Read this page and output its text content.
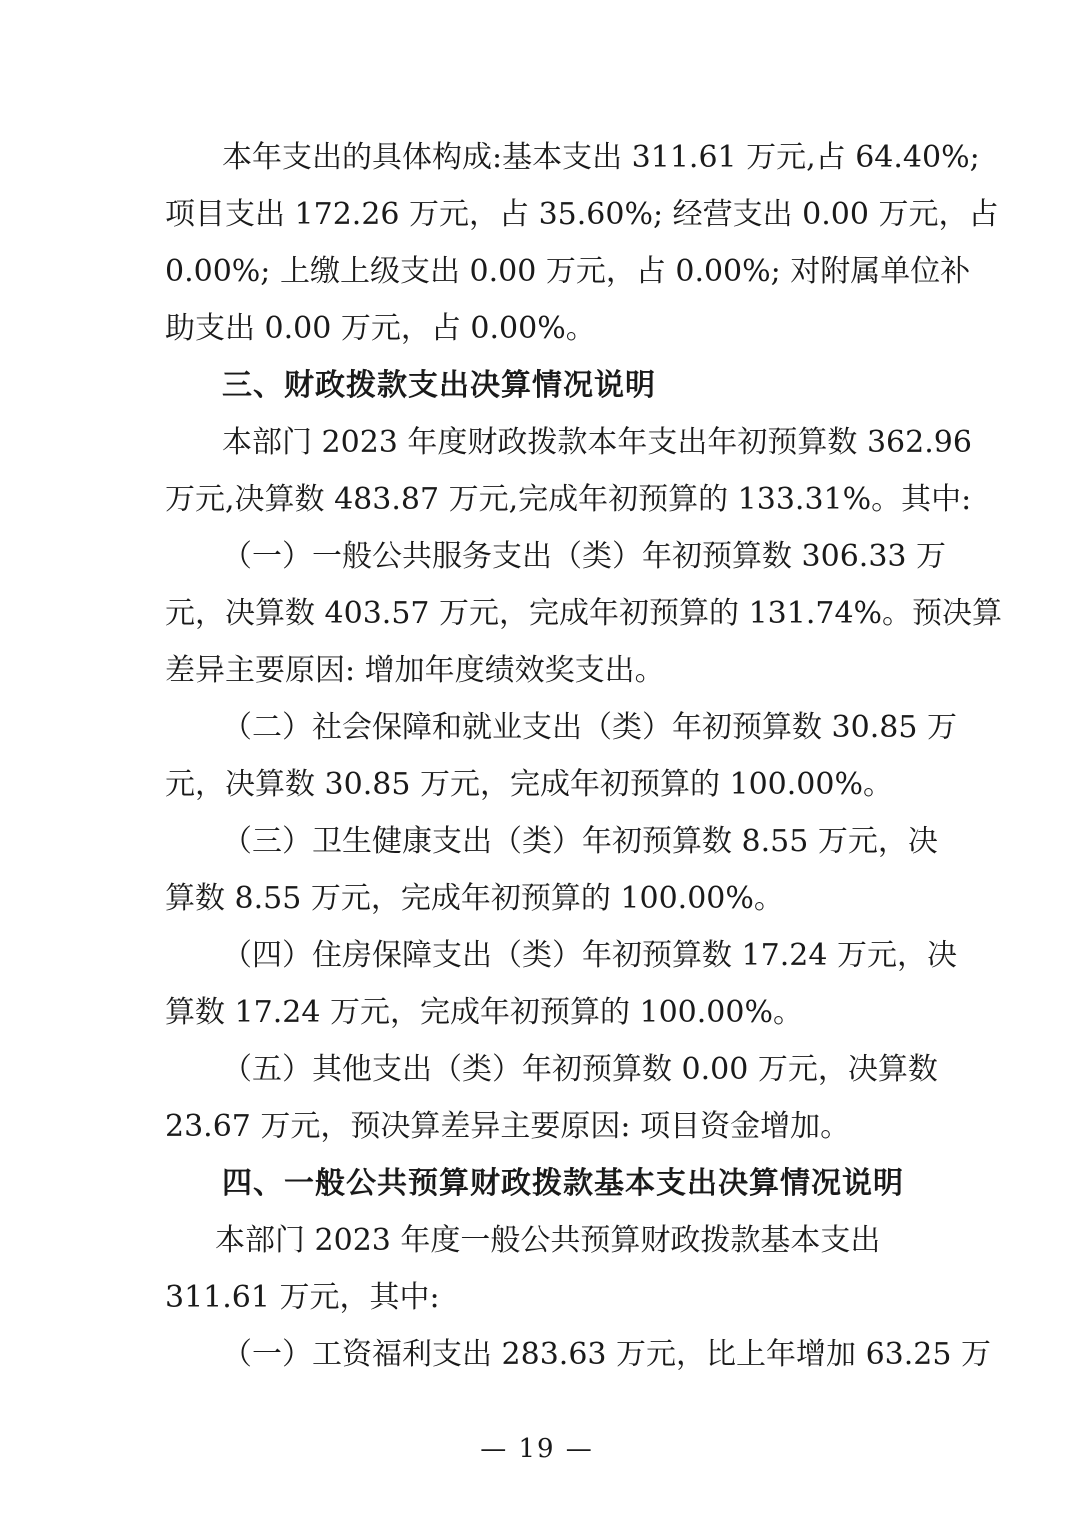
本年支出的具体构成:基本支出 311.61 万元,占 64.40%;
项目支出 172.26 万元，占 35.60%; 经营支出 0.00 万元，占
0.00%; 上缴上级支出 0.00 万元，占 0.00%; 对附属单位补
助支出 0.00 万元，占 0.00%。
三、财政拨款支出决算情况说明
本部门 2023 年度财政拨款本年支出年初预算数 362.96
万元,决算数 483.87 万元,完成年初预算的 133.31%。其中:
（一）一般公共服务支出（类）年初预算数 306.33 万
元，决算数 403.57 万元，完成年初预算的 131.74%。预决算
差异主要原因: 增加年度绩效奖支出。
（二）社会保障和就业支出（类）年初预算数 30.85 万
元，决算数 30.85 万元，完成年初预算的 100.00%。
（三）卫生健康支出（类）年初预算数 8.55 万元，决
算数 8.55 万元，完成年初预算的 100.00%。
（四）住房保障支出（类）年初预算数 17.24 万元，决
算数 17.24 万元，完成年初预算的 100.00%。
（五）其他支出（类）年初预算数 0.00 万元，决算数
23.67 万元，预决算差异主要原因: 项目资金增加。
四、一般公共预算财政拨款基本支出决算情况说明
本部门 2023 年度一般公共预算财政拨款基本支出
311.61 万元，其中:
（一）工资福利支出 283.63 万元，比上年增加 63.25 万
— 19 —
